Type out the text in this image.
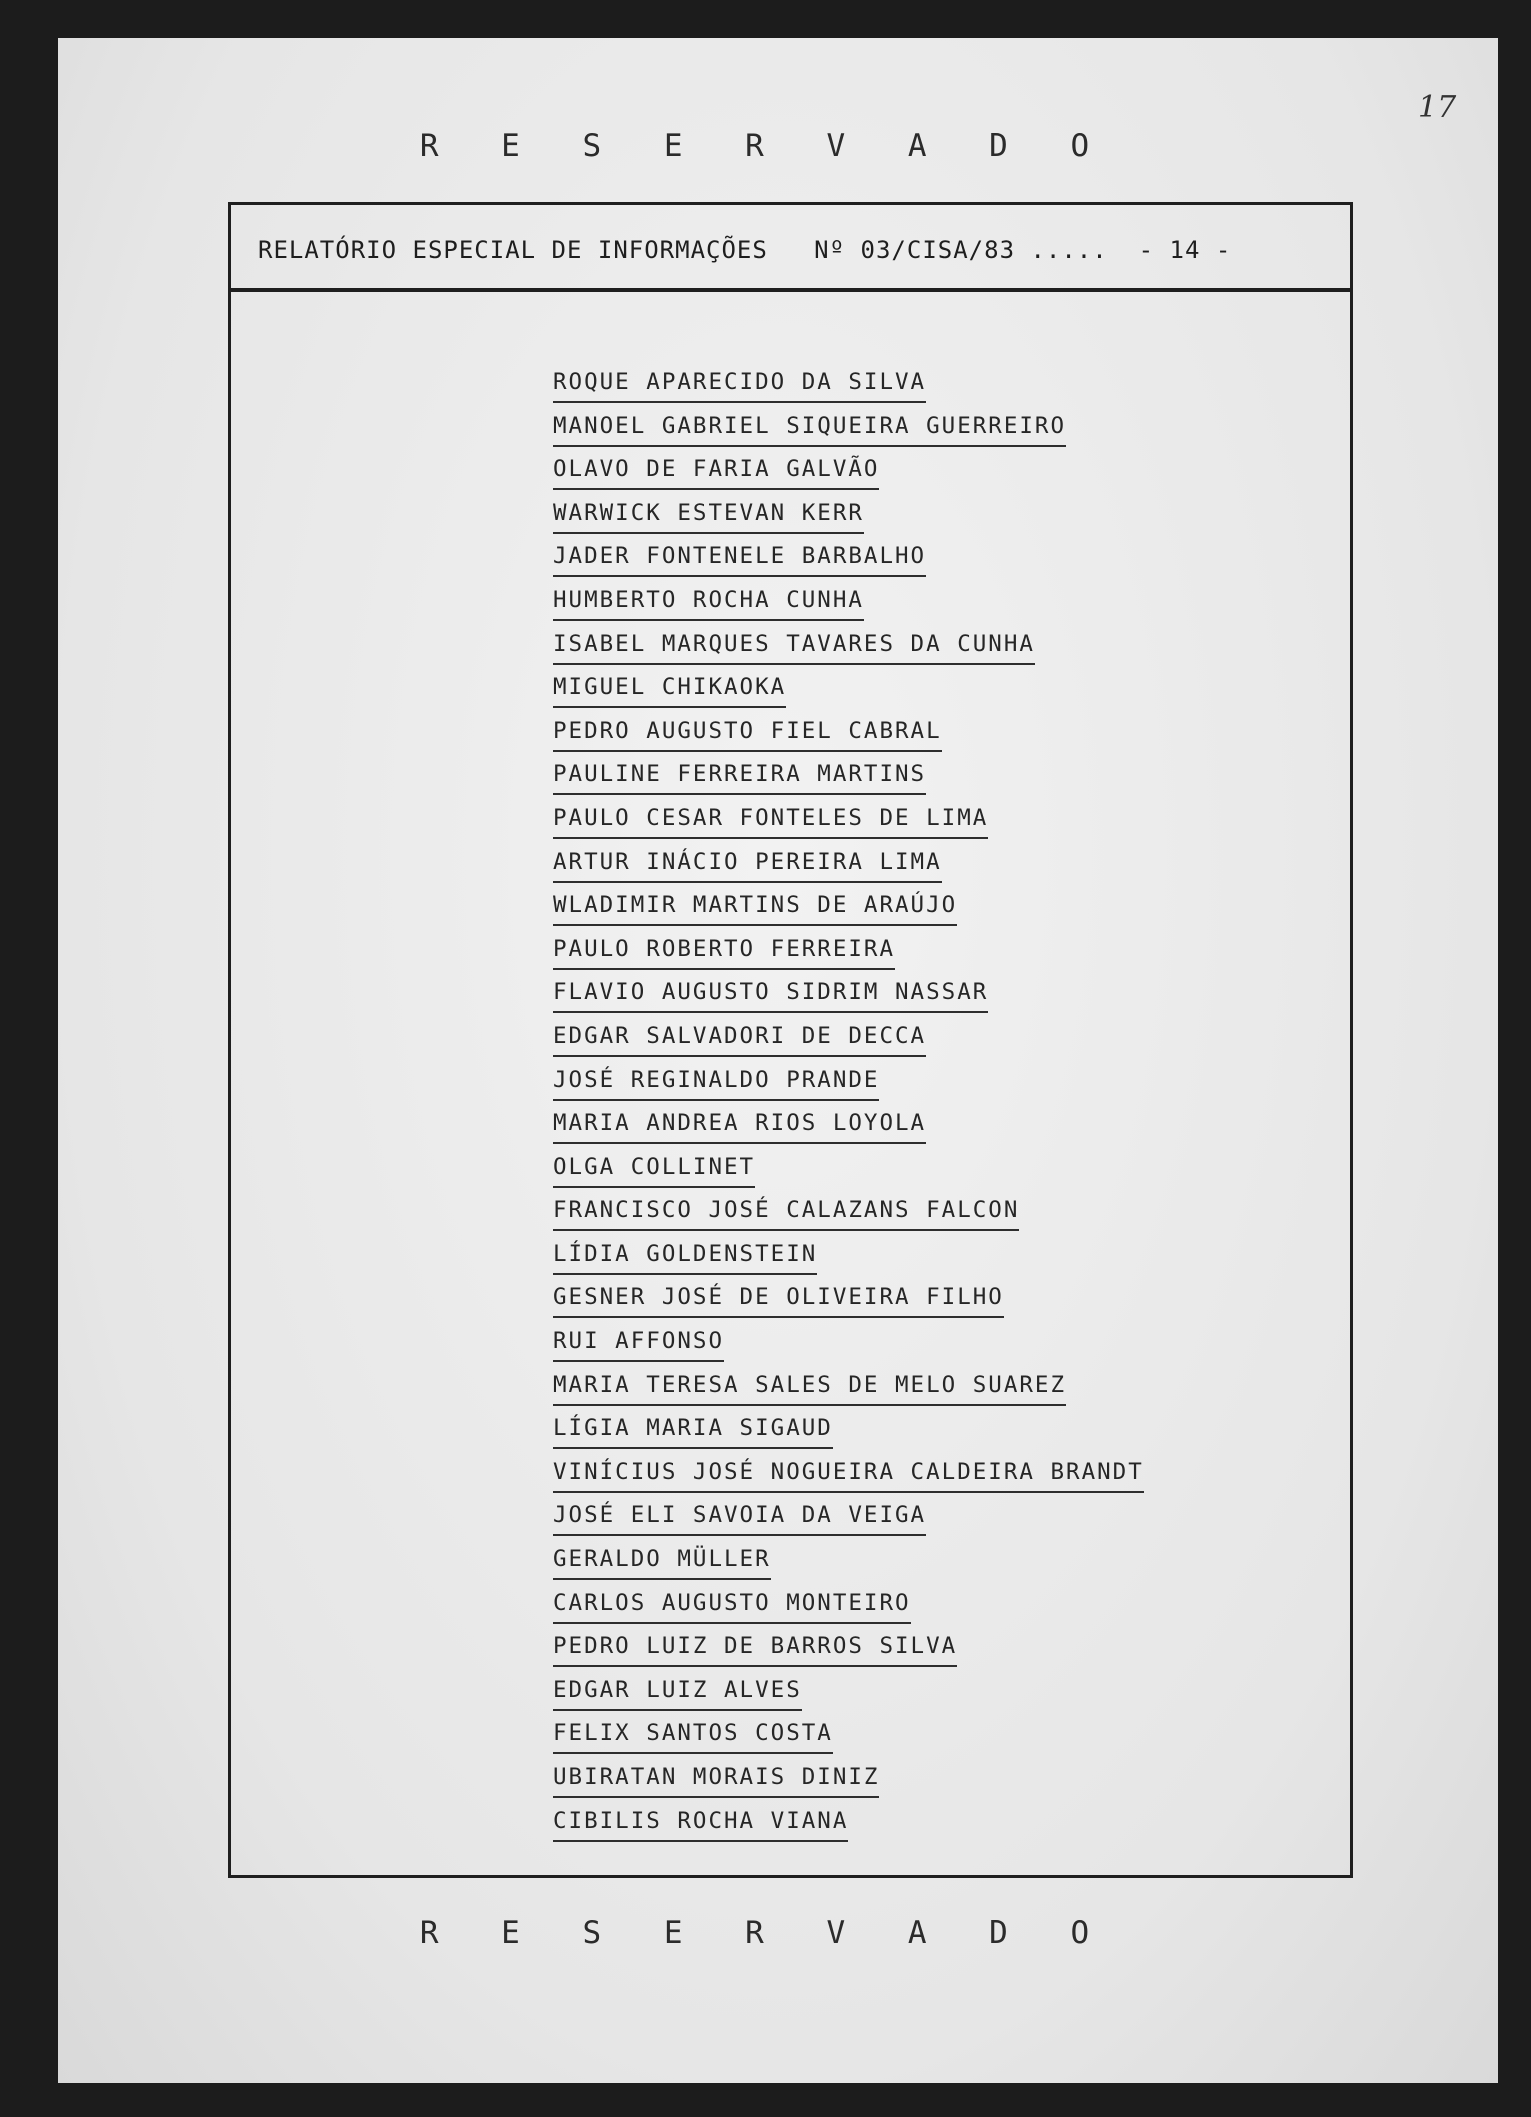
17
R E S E R V A D O
RELATÓRIO ESPECIAL DE INFORMAÇÕES   Nº 03/CISA/83 .....  - 14 -
ROQUE APARECIDO DA SILVA
MANOEL GABRIEL SIQUEIRA GUERREIRO
OLAVO DE FARIA GALVÃO
WARWICK ESTEVAN KERR
JADER FONTENELE BARBALHO
HUMBERTO ROCHA CUNHA
ISABEL MARQUES TAVARES DA CUNHA
MIGUEL CHIKAOKA
PEDRO AUGUSTO FIEL CABRAL
PAULINE FERREIRA MARTINS
PAULO CESAR FONTELES DE LIMA
ARTUR INÁCIO PEREIRA LIMA
WLADIMIR MARTINS DE ARAÚJO
PAULO ROBERTO FERREIRA
FLAVIO AUGUSTO SIDRIM NASSAR
EDGAR SALVADORI DE DECCA
JOSÉ REGINALDO PRANDE
MARIA ANDREA RIOS LOYOLA
OLGA COLLINET
FRANCISCO JOSÉ CALAZANS FALCON
LÍDIA GOLDENSTEIN
GESNER JOSÉ DE OLIVEIRA FILHO
RUI AFFONSO
MARIA TERESA SALES DE MELO SUAREZ
LÍGIA MARIA SIGAUD
VINÍCIUS JOSÉ NOGUEIRA CALDEIRA BRANDT
JOSÉ ELI SAVOIA DA VEIGA
GERALDO MÜLLER
CARLOS AUGUSTO MONTEIRO
PEDRO LUIZ DE BARROS SILVA
EDGAR LUIZ ALVES
FELIX SANTOS COSTA
UBIRATAN MORAIS DINIZ
CIBILIS ROCHA VIANA
R E S E R V A D O
